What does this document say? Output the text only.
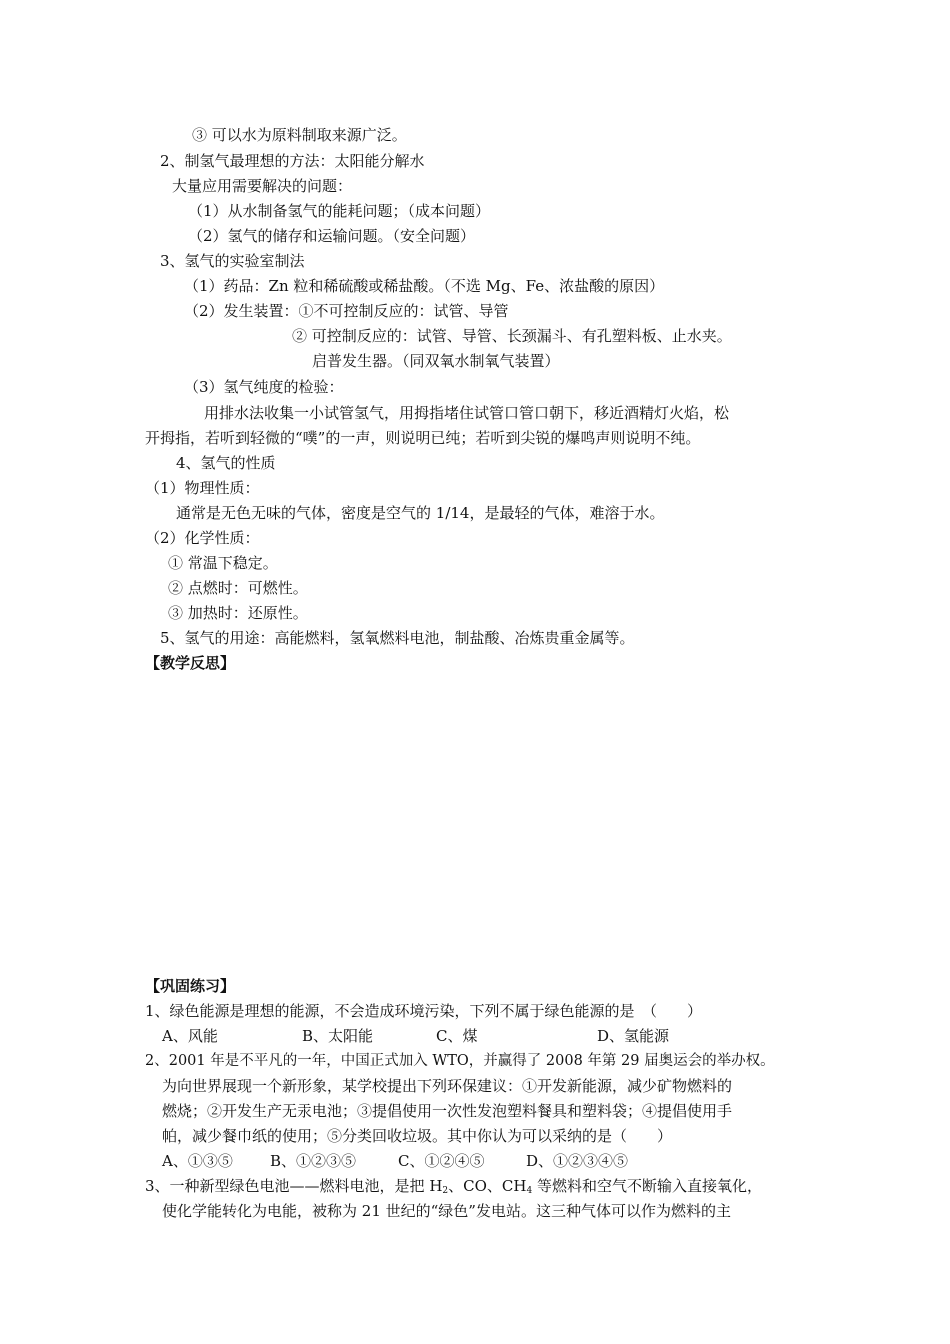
③ 可以水为原料制取来源广泛。
2、制氢气最理想的方法：太阳能分解水
大量应用需要解决的问题：
（1）从水制备氢气的能耗问题；（成本问题）
（2）氢气的储存和运输问题。（安全问题）
3、氢气的实验室制法
（1）药品：Zn 粒和稀硫酸或稀盐酸。（不选 Mg、Fe、浓盐酸的原因）
（2）发生装置：①不可控制反应的：试管、导管
② 可控制反应的：试管、导管、长颈漏斗、有孔塑料板、止水夹。
启普发生器。（同双氧水制氧气装置）
（3）氢气纯度的检验：
用排水法收集一小试管氢气，用拇指堵住试管口管口朝下，移近酒精灯火焰，松
开拇指，若听到轻微的“噗”的一声，则说明已纯；若听到尖锐的爆鸣声则说明不纯。
4、氢气的性质
（1）物理性质：
通常是无色无味的气体，密度是空气的 1/14，是最轻的气体，难溶于水。
（2）化学性质：
① 常温下稳定。
② 点燃时：可燃性。
③ 加热时：还原性。
5、氢气的用途：高能燃料，氢氧燃料电池，制盐酸、冶炼贵重金属等。
【教学反思】
【巩固练习】
1、绿色能源是理想的能源，不会造成环境污染，下列不属于绿色能源的是　（　　）
A、风能	B、太阳能	C、煤	D、氢能源
2、2001 年是不平凡的一年，中国正式加入 WTO，并赢得了 2008 年第 29 届奥运会的举办权。
为向世界展现一个新形象，某学校提出下列环保建议：①开发新能源，减少矿物燃料的
燃烧；②开发生产无汞电池；③提倡使用一次性发泡塑料餐具和塑料袋；④提倡使用手
帕，减少餐巾纸的使用；⑤分类回收垃圾。其中你认为可以采纳的是（　　）
A、①③⑤ B、①②③⑤	C、①②④⑤	D、①②③④⑤
3、一种新型绿色电池——燃料电池，是把 $H_2$、CO、$CH_4$ 等燃料和空气不断输入直接氧化，
使化学能转化为电能，被称为 21 世纪的“绿色”发电站。这三种气体可以作为燃料的主
